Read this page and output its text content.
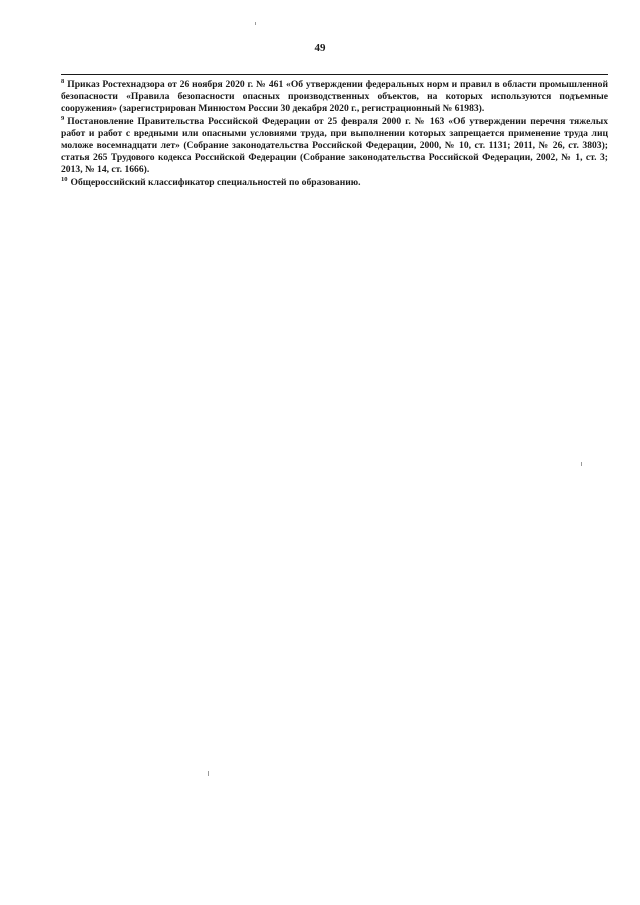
49

$^8$ Приказ Ростехнадзора от 26 ноября 2020 г. № 461 «Об утверждении федеральных норм и правил в области промышленной безопасности «Правила безопасности опасных производственных объектов, на которых используются подъемные сооружения» (зарегистрирован Минюстом России 30 декабря 2020 г., регистрационный № 61983).

$^9$ Постановление Правительства Российской Федерации от 25 февраля 2000 г. № 163 «Об утверждении перечня тяжелых работ и работ с вредными или опасными условиями труда, при выполнении которых запрещается применение труда лиц моложе восемнадцати лет» (Собрание законодательства Российской Федерации, 2000, № 10, ст. 1131; 2011, № 26, ст. 3803); статья 265 Трудового кодекса Российской Федерации (Собрание законодательства Российской Федерации, 2002, № 1, ст. 3; 2013, № 14, ст. 1666).

$^{10}$ Общероссийский классификатор специальностей по образованию.
